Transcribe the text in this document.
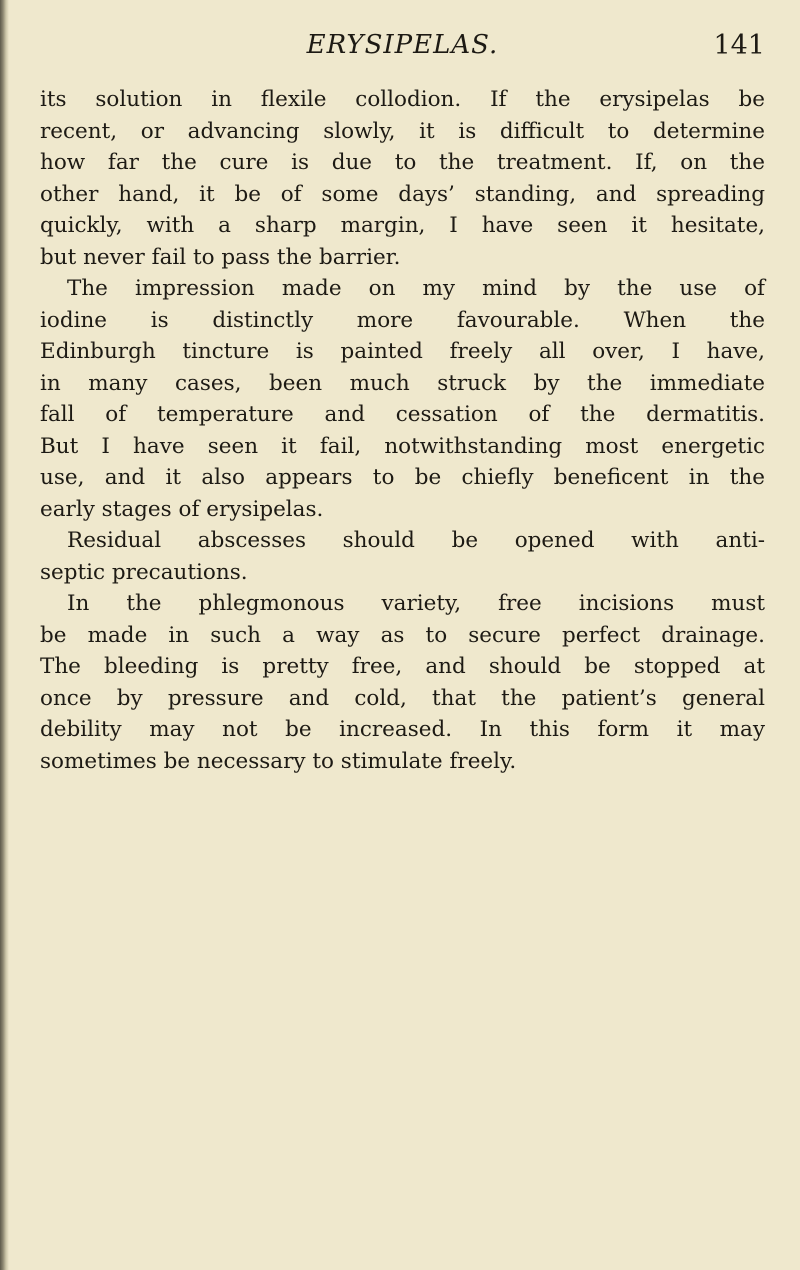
ERYSIPELAS.	141
its solution in flexile collodion. If the erysipelas be
recent, or advancing slowly, it is difficult to determine
how far the cure is due to the treatment. If, on the
other hand, it be of some days’ standing, and spreading
quickly, with a sharp margin, I have seen it hesitate,
but never fail to pass the barrier.
The impression made on my mind by the use of
iodine is distinctly more favourable. When the
Edinburgh tincture is painted freely all over, I have,
in many cases, been much struck by the immediate
fall of temperature and cessation of the dermatitis.
But I have seen it fail, notwithstanding most energetic
use, and it also appears to be chiefly beneficent in the
early stages of erysipelas.
Residual abscesses should be opened with anti-
septic precautions.
In the phlegmonous variety, free incisions must
be made in such a way as to secure perfect drainage.
The bleeding is pretty free, and should be stopped at
once by pressure and cold, that the patient’s general
debility may not be increased. In this form it may
sometimes be necessary to stimulate freely.
